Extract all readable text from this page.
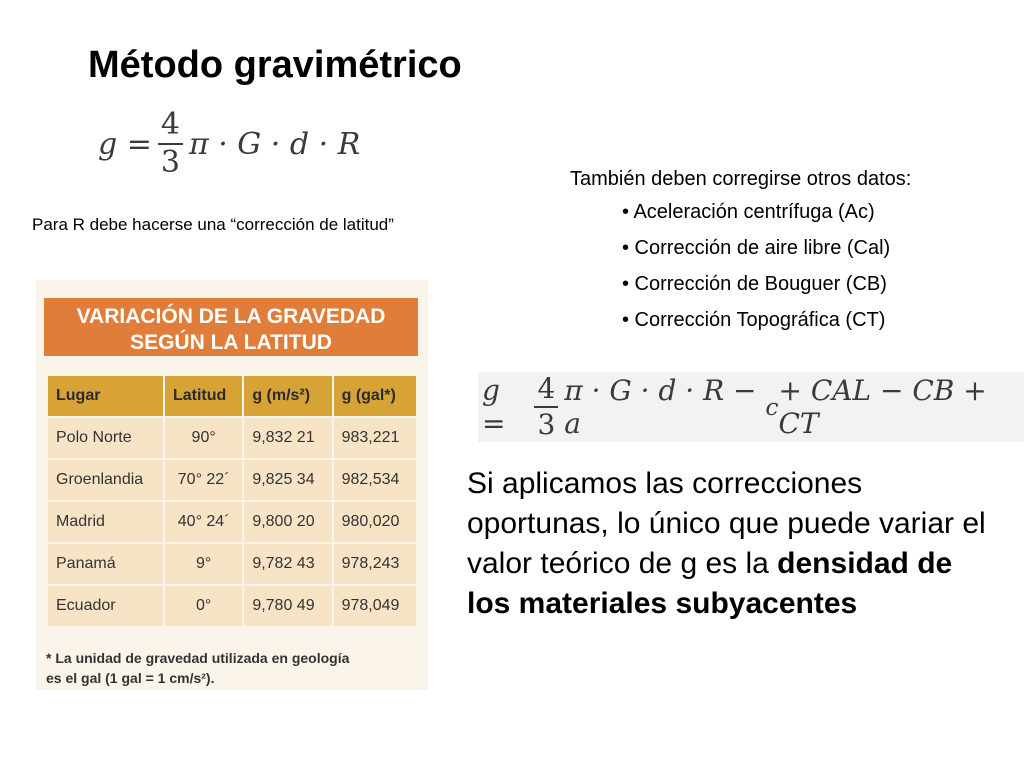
Método gravimétrico
$g = \frac{4}{3}$ π · G · d · R
Para R debe hacerse una “corrección de latitud”
También deben corregirse otros datos:
• Aceleración centrífuga (Ac)
• Corrección de aire libre (Cal)
• Corrección de Bouguer (CB)
• Corrección Topográfica (CT)
g =	$\frac{4}{3}$ π · G · d · R − a	c + CAL − CB + CT
VARIACIÓN DE LA GRAVEDAD
SEGÚN LA LATITUD
Lugar	Latitud	g (m/s²)	g (gal*)
Polo Norte	90°	9,832 21	983,221
Groenlandia	70° 22´	9,825 34	982,534
Madrid	40° 24´	9,800 20	980,020
Panamá	9°	9,782 43	978,243
Ecuador	0°	9,780 49	978,049
* La unidad de gravedad utilizada en geología
es el gal (1 gal = 1 cm/s²).
Si aplicamos las correcciones oportunas, lo único que puede variar el valor teórico de g es la densidad de los materiales subyacentes
